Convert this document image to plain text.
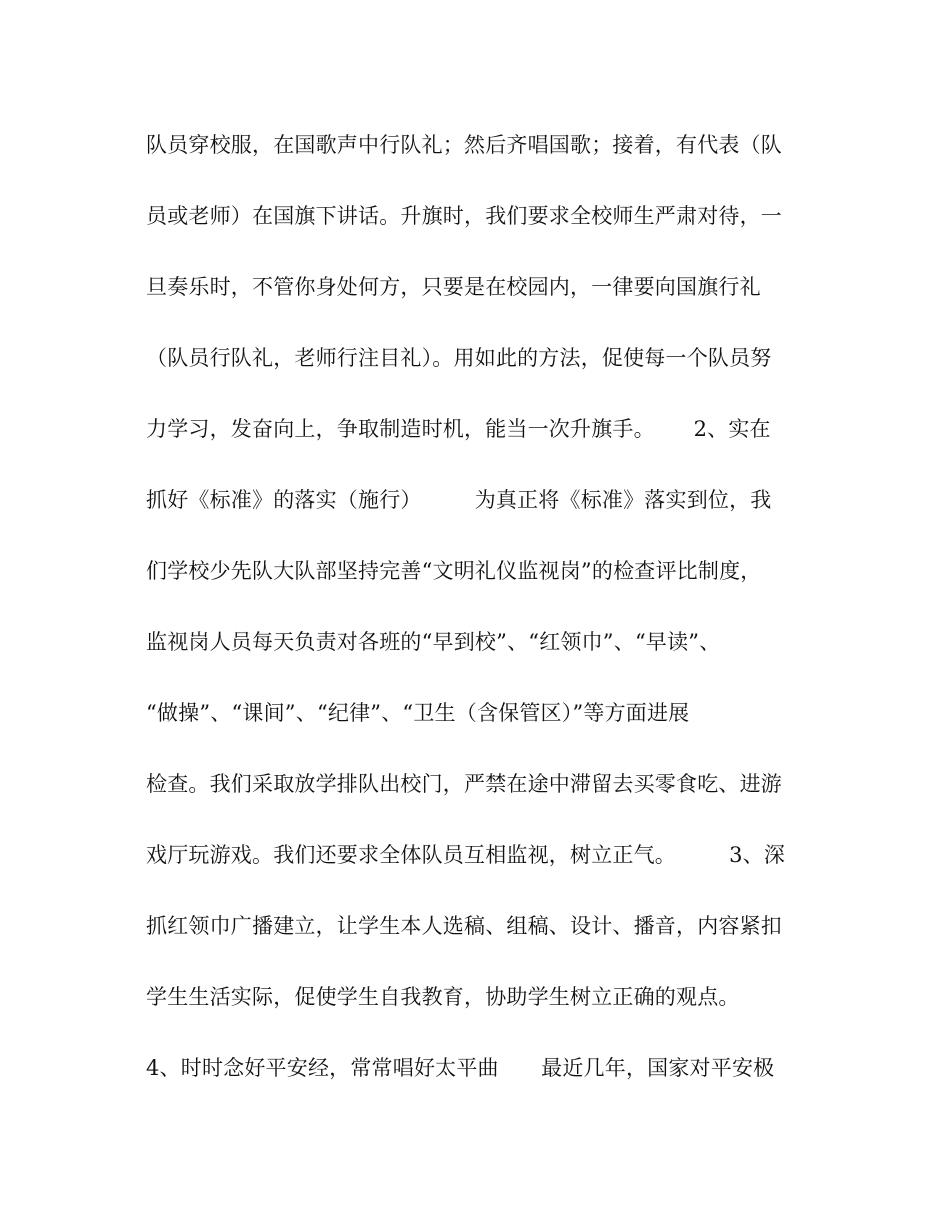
队员穿校服，在国歌声中行队礼；然后齐唱国歌；接着，有代表（队
员或老师）在国旗下讲话。升旗时，我们要求全校师生严肃对待，一
旦奏乐时，不管你身处何方，只要是在校园内，一律要向国旗行礼
（队员行队礼，老师行注目礼）。用如此的方法，促使每一个队员努
力学习，发奋向上，争取制造时机，能当一次升旗手。　　 2、实在
抓好《标准》的落实（施行）　　　为真正将《标准》落实到位，我
们学校少先队大队部坚持完善“文明礼仪监视岗”的检查评比制度，
监视岗人员每天负责对各班的“早到校”、“红领巾”、“早读”、
“做操”、“课间”、“纪律”、“卫生（含保管区）”等方面进展
检查。我们采取放学排队出校门，严禁在途中滞留去买零食吃、进游
戏厅玩游戏。我们还要求全体队员互相监视，树立正气。　　　3、深
抓红领巾广播建立，让学生本人选稿、组稿、设计、播音，内容紧扣
学生生活实际，促使学生自我教育，协助学生树立正确的观点。
4、时时念好平安经，常常唱好太平曲　　最近几年，国家对平安极
